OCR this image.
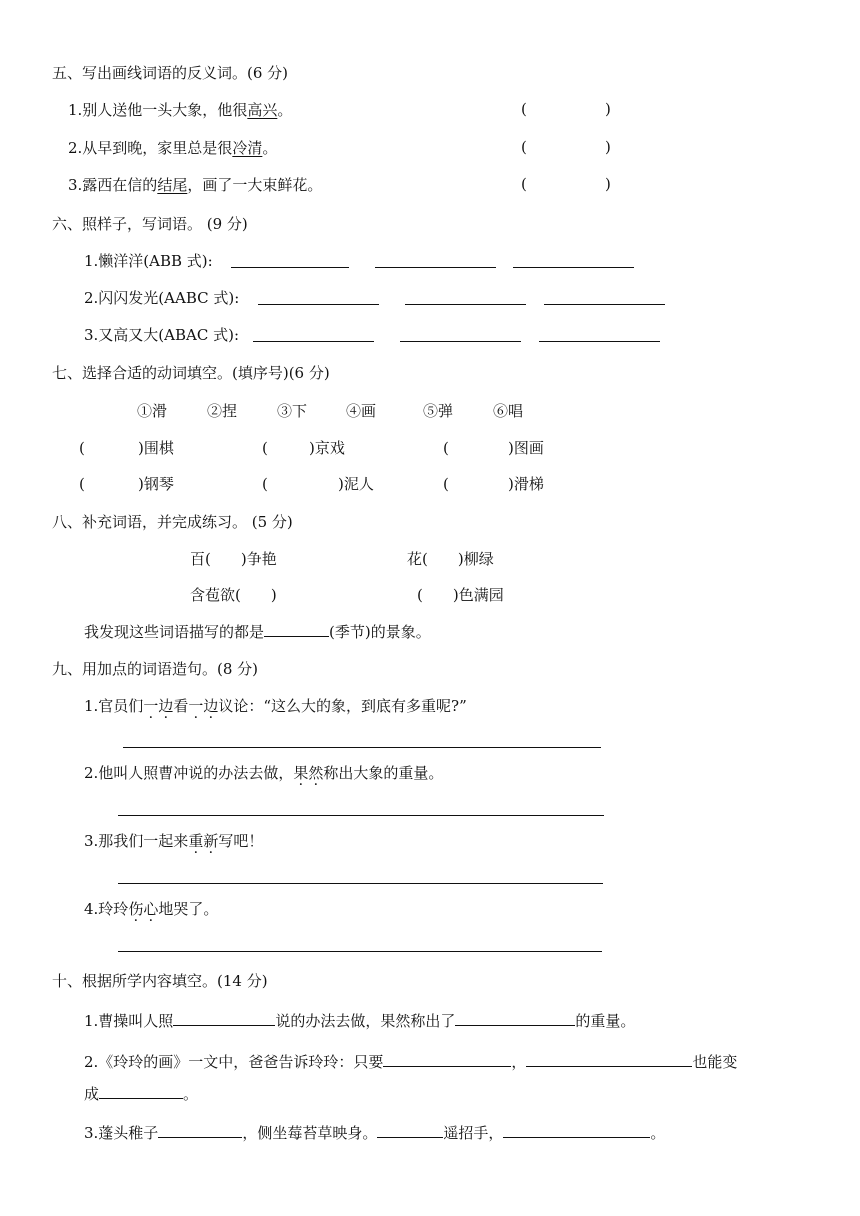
五、写出画线词语的反义词。(6 分)
1.别人送他一头大象，他很高兴。	(	)
2.从早到晚，家里总是很冷清。	(	)
3.露西在信的结尾，画了一大束鲜花。	(	)
六、照样子，写词语。 (9 分)
1.懒洋洋(ABB 式):
2.闪闪发光(AABC 式):
3.又高又大(ABAC 式):
七、选择合适的动词填空。(填序号)(6 分)
①滑	②捏	③下	④画	⑤弹	⑥唱
(	)围棋	(	)京戏	(	)图画
(	)钢琴	(	)泥人	(	)滑梯
八、补充词语，并完成练习。 (5 分)
百(　　)争艳	花(　　)柳绿
含苞欲(　　)	(　　)色满园
我发现这些词语描写的都是	(季节)的景象。
九、用加点的词语造句。(8 分)
1.官员们一边看一边议论：“这么大的象，到底有多重呢?”
2.他叫人照曹冲说的办法去做，果然称出大象的重量。
3.那我们一起来重新写吧！
4.玲玲伤心地哭了。
十、根据所学内容填空。(14 分)
1.曹操叫人照	说的办法去做，果然称出了	的重量。
2.《玲玲的画》一文中，爸爸告诉玲玲：只要	，	也能变
成	。
3.蓬头稚子	，侧坐莓苔草映身。	遥招手，	。
